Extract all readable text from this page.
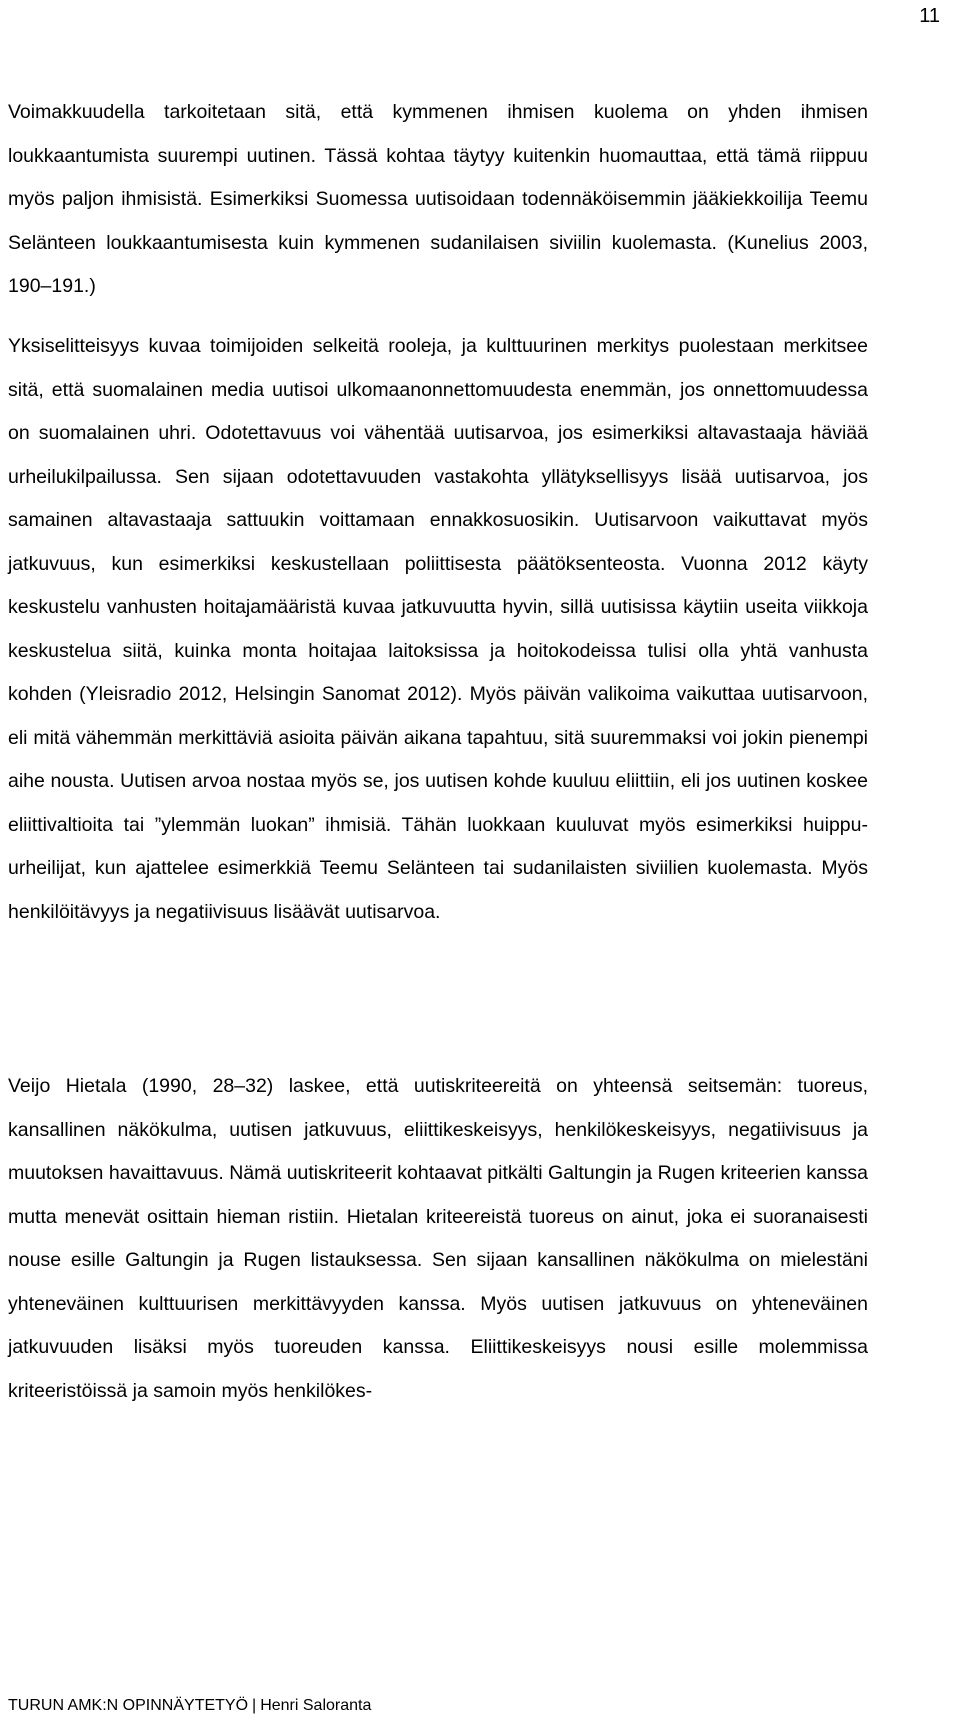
11

Voimakkuudella tarkoitetaan sitä, että kymmenen ihmisen kuolema on yhden ihmisen loukkaantumista suurempi uutinen. Tässä kohtaa täytyy kuitenkin huomauttaa, että tämä riippuu myös paljon ihmisistä. Esimerkiksi Suomessa uutisoidaan todennäköisemmin jääkiekkoilija Teemu Selänteen loukkaantumisesta kuin kymmenen sudanilaisen siviilin kuolemasta. (Kunelius 2003, 190–191.)

Yksiselitteisyys kuvaa toimijoiden selkeitä rooleja, ja kulttuurinen merkitys puolestaan merkitsee sitä, että suomalainen media uutisoi ulkomaanonnettomuudesta enemmän, jos onnettomuudessa on suomalainen uhri. Odotettavuus voi vähentää uutisarvoa, jos esimerkiksi altavastaaja häviää urheilukilpailussa. Sen sijaan odotettavuuden vastakohta yllätyksellisyys lisää uutisarvoa, jos samainen altavastaaja sattuukin voittamaan ennakkosuosikin. Uutisarvoon vaikuttavat myös jatkuvuus, kun esimerkiksi keskustellaan poliittisesta päätöksenteosta. Vuonna 2012 käyty keskustelu vanhusten hoitajamääristä kuvaa jatkuvuutta hyvin, sillä uutisissa käytiin useita viikkoja keskustelua siitä, kuinka monta hoitajaa laitoksissa ja hoitokodeissa tulisi olla yhtä vanhusta kohden (Yleisradio 2012, Helsingin Sanomat 2012). Myös päivän valikoima vaikuttaa uutisarvoon, eli mitä vähemmän merkittäviä asioita päivän aikana tapahtuu, sitä suuremmaksi voi jokin pienempi aihe nousta. Uutisen arvoa nostaa myös se, jos uutisen kohde kuuluu eliittiin, eli jos uutinen koskee eliittivaltioita tai ”ylemmän luokan” ihmisiä. Tähän luokkaan kuuluvat myös esimerkiksi huippu-urheilijat, kun ajattelee esimerkkiä Teemu Selänteen tai sudanilaisten siviilien kuolemasta. Myös henkilöitävyys ja negatiivisuus lisäävät uutisarvoa.

Veijo Hietala (1990, 28–32) laskee, että uutiskriteereitä on yhteensä seitsemän: tuoreus, kansallinen näkökulma, uutisen jatkuvuus, eliittikeskeisyys, henkilökeskeisyys, negatiivisuus ja muutoksen havaittavuus. Nämä uutiskriteerit kohtaavat pitkälti Galtungin ja Rugen kriteerien kanssa mutta menevät osittain hieman ristiin. Hietalan kriteereistä tuoreus on ainut, joka ei suoranaisesti nouse esille Galtungin ja Rugen listauksessa. Sen sijaan kansallinen näkökulma on mielestäni yhteneväinen kulttuurisen merkittävyyden kanssa. Myös uutisen jatkuvuus on yhteneväinen jatkuvuuden lisäksi myös tuoreuden kanssa. Eliittikeskeisyys nousi esille molemmissa kriteeristöissä ja samoin myös henkilökes-

TURUN AMK:N OPINNÄYTETYÖ | Henri Saloranta
